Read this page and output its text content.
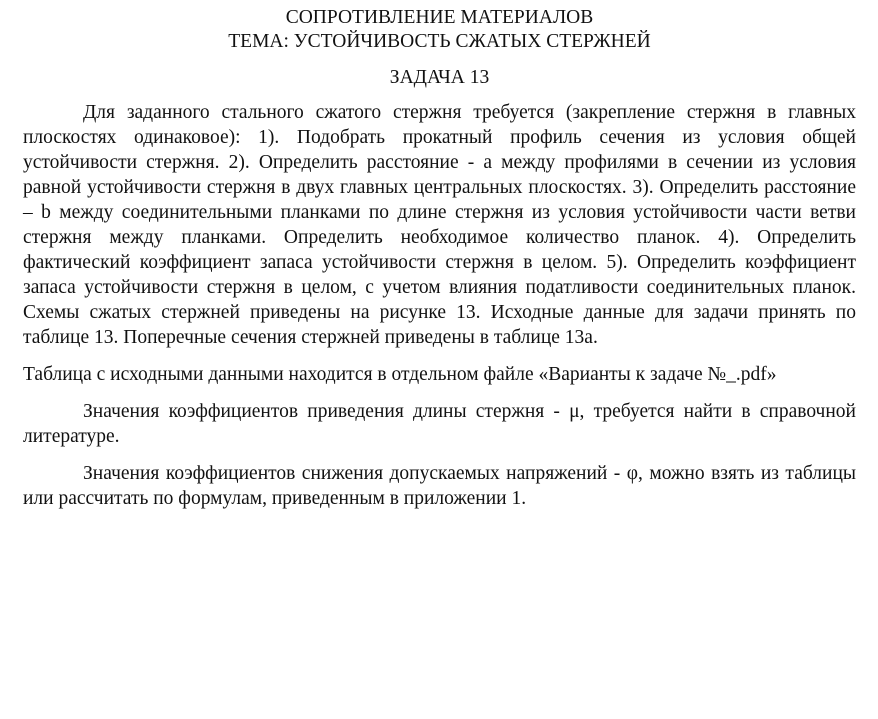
СОПРОТИВЛЕНИЕ МАТЕРИАЛОВ

ТЕМА: УСТОЙЧИВОСТЬ СЖАТЫХ СТЕРЖНЕЙ

ЗАДАЧА 13

Для заданного стального сжатого стержня требуется (закрепление стержня в главных плоскостях одинаковое): 1). Подобрать прокатный профиль сечения из условия общей устойчивости стержня. 2). Определить расстояние - а между профилями в сечении из условия равной устойчивости стержня в двух главных центральных плоскостях. 3). Определить расстояние – b между соединительными планками по длине стержня из условия устойчивости части ветви стержня между планками. Определить необходимое количество планок. 4). Определить фактический коэффициент запаса устойчивости стержня в целом. 5). Определить коэффициент запаса устойчивости стержня в целом, с учетом влияния податливости соединительных планок. Схемы сжатых стержней приведены на рисунке 13. Исходные данные для задачи принять по таблице 13. Поперечные сечения стержней приведены в таблице 13а.

Таблица с исходными данными находится в отдельном файле «Варианты к задаче №_.pdf»

Значения коэффициентов приведения длины стержня - μ, требуется найти в справочной литературе.

Значения коэффициентов снижения допускаемых напряжений - φ, можно взять из таблицы или рассчитать по формулам, приведенным в приложении 1.
